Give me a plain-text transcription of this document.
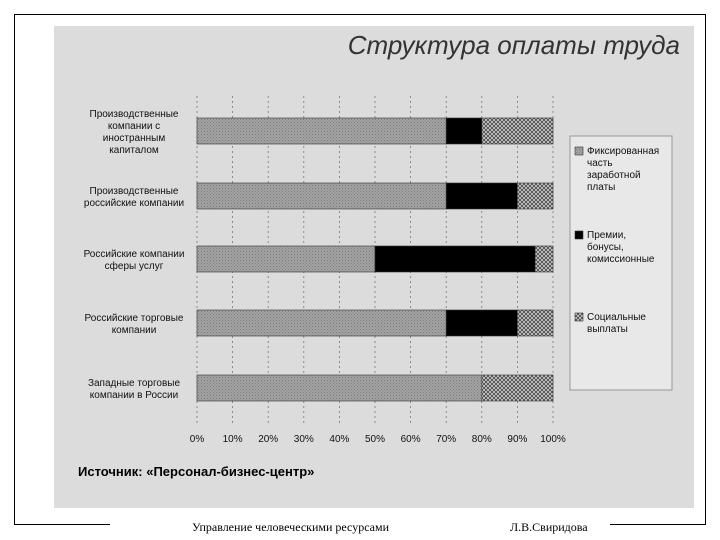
Структура оплаты труда
Производственные компании с иностранным капиталом
Производственные российские компании
Российские компании сферы услуг
Российские торговые компании
Западные торговые компании в России
0% 10% 20% 30% 40% 50% 60% 70% 80% 90% 100%
Фиксированная часть заработной платы
Премии, бонусы, комиссионные
Социальные выплаты
Источник: «Персонал-бизнес-центр»
Управление человеческими ресурсами	Л.В.Свиридова
